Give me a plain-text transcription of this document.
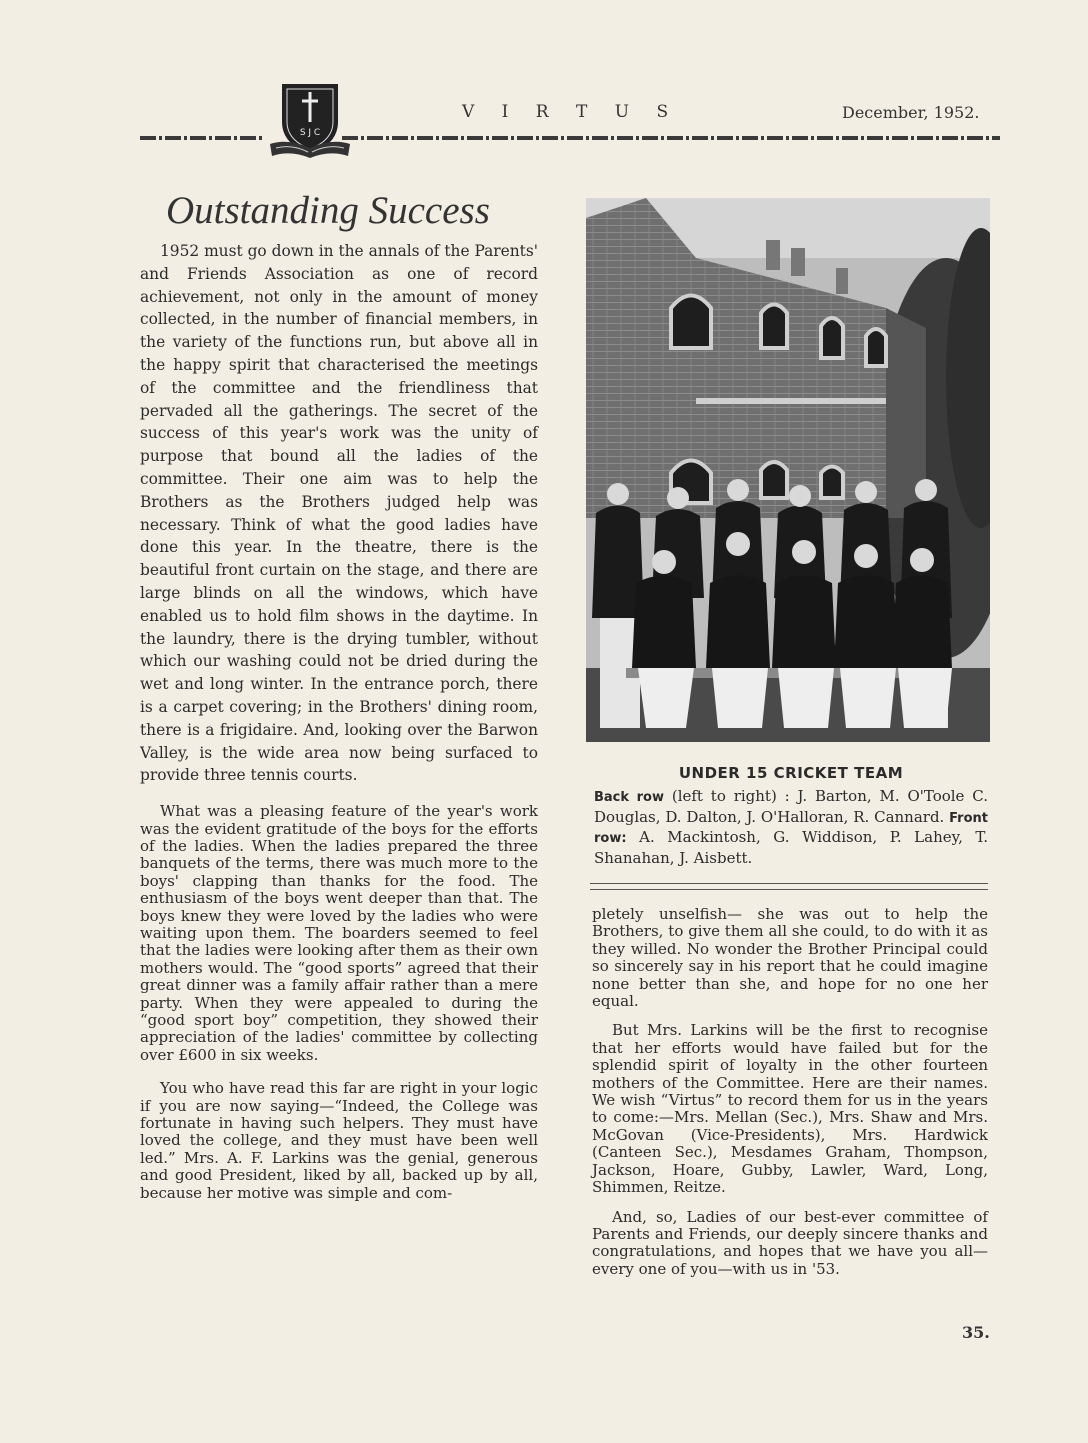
S J C
V I R T U S	December, 1952.
Outstanding Success

1952 must go down in the annals of the Parents' and Friends Association as one of record achievement, not only in the amount of money collected, in the number of financial members, in the variety of the functions run, but above all in the happy spirit that characterised the meetings of the committee and the friendliness that pervaded all the gatherings. The secret of the success of this year's work was the unity of purpose that bound all the ladies of the committee. Their one aim was to help the Brothers as the Brothers judged help was necessary. Think of what the good ladies have done this year. In the theatre, there is the beautiful front curtain on the stage, and there are large blinds on all the windows, which have enabled us to hold film shows in the daytime. In the laundry, there is the drying tumbler, without which our washing could not be dried during the wet and long winter. In the entrance porch, there is a carpet covering; in the Brothers' dining room, there is a frigidaire. And, looking over the Barwon Valley, is the wide area now being surfaced to provide three tennis courts.

What was a pleasing feature of the year's work was the evident gratitude of the boys for the efforts of the ladies. When the ladies prepared the three banquets of the terms, there was much more to the boys' clapping than thanks for the food. The enthusiasm of the boys went deeper than that. The boys knew they were loved by the ladies who were waiting upon them. The boarders seemed to feel that the ladies were looking after them as their own mothers would. The “good sports” agreed that their great dinner was a family affair rather than a mere party. When they were appealed to during the “good sport boy” competition, they showed their appreciation of the ladies' committee by collecting over £600 in six weeks.

You who have read this far are right in your logic if you are now saying—“Indeed, the College was fortunate in having such helpers. They must have loved the college, and they must have been well led.” Mrs. A. F. Larkins was the genial, generous and good President, liked by all, backed up by all, because her motive was simple and com-

UNDER 15 CRICKET TEAM

Back row (left to right) : J. Barton, M. O'Toole C. Douglas, D. Dalton, J. O'Halloran, R. Cannard. Front row: A. Mackintosh, G. Widdison, P. Lahey, T. Shanahan, J. Aisbett.

pletely unselfish— she was out to help the Brothers, to give them all she could, to do with it as they willed. No wonder the Brother Principal could so sincerely say in his report that he could imagine none better than she, and hope for no one her equal.

But Mrs. Larkins will be the first to recognise that her efforts would have failed but for the splendid spirit of loyalty in the other fourteen mothers of the Committee. Here are their names. We wish “Virtus” to record them for us in the years to come:—Mrs. Mellan (Sec.), Mrs. Shaw and Mrs. McGovan (Vice-Presidents), Mrs. Hardwick (Canteen Sec.), Mesdames Graham, Thompson, Jackson, Hoare, Gubby, Lawler, Ward, Long, Shimmen, Reitze.

And, so, Ladies of our best-ever committee of Parents and Friends, our deeply sincere thanks and congratulations, and hopes that we have you all—every one of you—with us in '53.

35.
